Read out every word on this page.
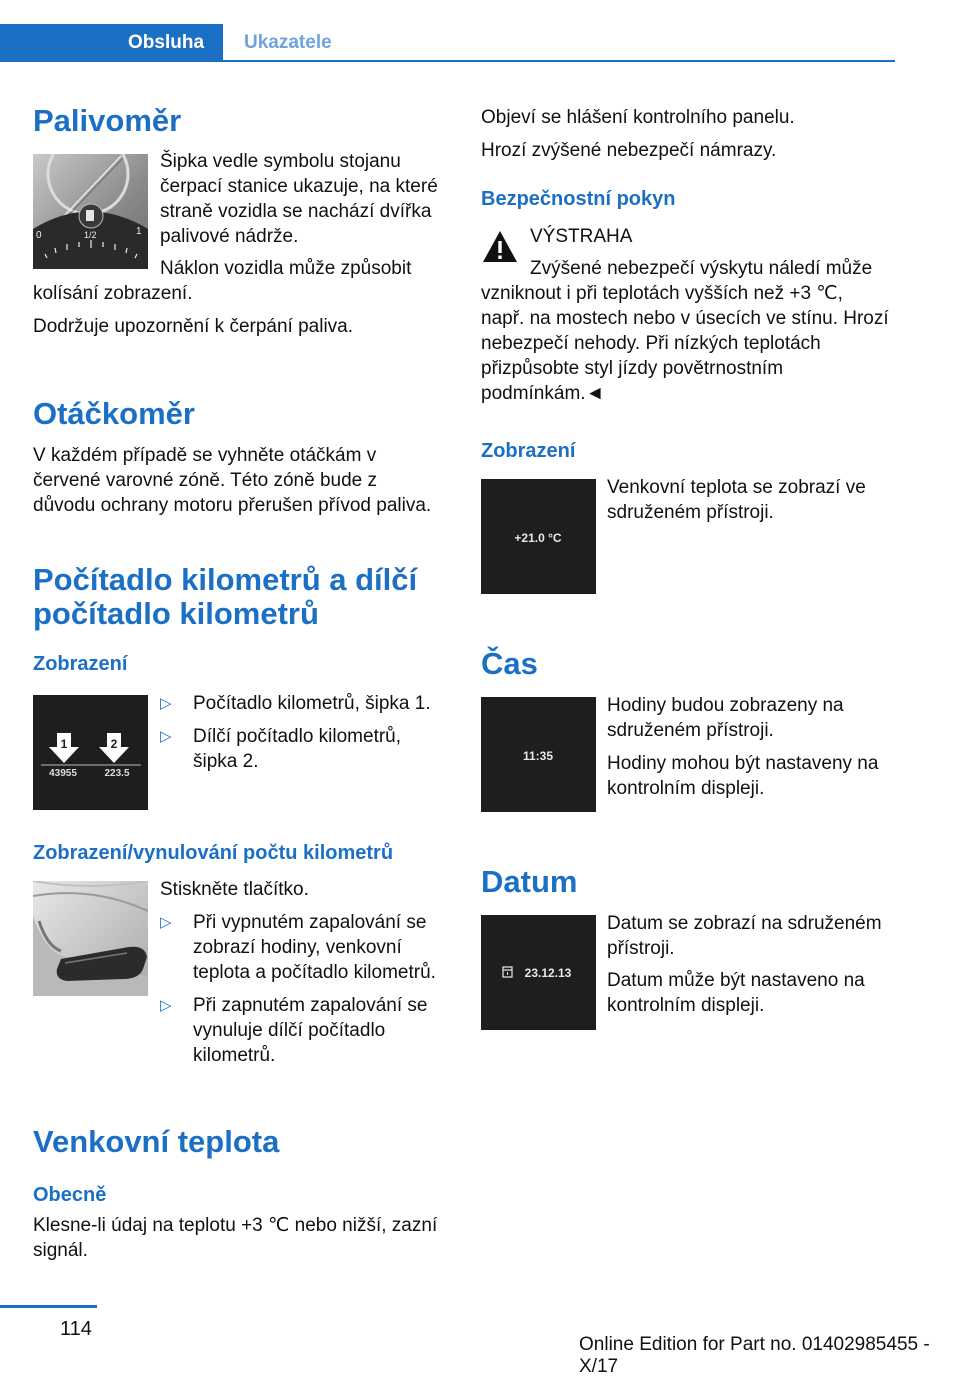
Obsluha	Ukazatele
Palivoměr
0	1/2	1

Šipka vedle symbolu stojanu čerpací stanice ukazuje, na které straně vozidla se nachází dvířka palivové nádrže.

Náklon vozidla může způsobit kolísání zobrazení.

Dodržuje upozornění k čerpání paliva.

Otáčkoměr

V každém případě se vyhněte otáčkám v červené varovné zóně. Této zóně bude z důvodu ochrany motoru přerušen přívod paliva.

Počítadlo kilometrů a dílčí počítadlo kilometrů
Zobrazení
1	2
43955	223.5
▷ Počítadlo kilometrů, šipka 1.
▷ Dílčí počítadlo kilometrů, šipka 2.
Zobrazení/vynulování počtu kilometrů

Stiskněte tlačítko.

▷ Při vypnutém zapalování se zobrazí hodiny, venkovní teplota a počítadlo kilometrů.
▷ Při zapnutém zapalování se vynuluje dílčí počítadlo kilometrů.
Venkovní teplota
Obecně

Klesne-li údaj na teplotu +3 ℃ nebo nižší, zazní signál.

Objeví se hlášení kontrolního panelu.

Hrozí zvýšené nebezpečí námrazy.

Bezpečnostní pokyn

VÝSTRAHA

Zvýšené nebezpečí výskytu náledí může vzniknout i při teplotách vyšších než +3 ℃, např. na mostech nebo v úsecích ve stínu. Hrozí nebezpečí nehody. Při nízkých teplotách přizpůsobte styl jízdy povětrnostním podmínkám.◄

Zobrazení
+21.0 °C

Venkovní teplota se zobrazí ve sdruženém přístroji.

Čas
11:35

Hodiny budou zobrazeny na sdruženém přístroji.

Hodiny mohou být nastaveny na kontrolním displeji.

Datum
23.12.13

Datum se zobrazí na sdruženém přístroji.

Datum může být nastaveno na kontrolním displeji.

114
Online Edition for Part no. 01402985455 - X/17
